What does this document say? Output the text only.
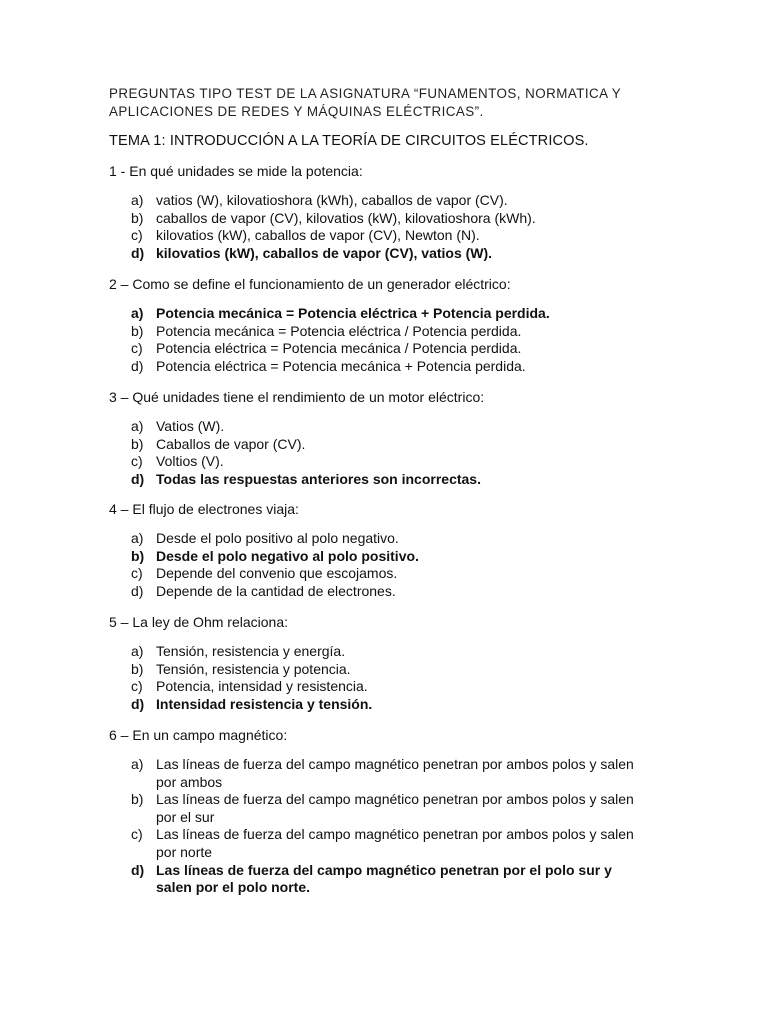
PREGUNTAS TIPO TEST DE LA ASIGNATURA “FUNAMENTOS, NORMATICA Y
APLICACIONES DE REDES Y MÁQUINAS ELÉCTRICAS”.
TEMA 1: INTRODUCCIÓN A LA TEORÍA DE CIRCUITOS ELÉCTRICOS.
1 - En qué unidades se mide la potencia:
a) vatios (W), kilovatioshora (kWh), caballos de vapor (CV).
b) caballos de vapor (CV), kilovatios (kW), kilovatioshora (kWh).
c) kilovatios (kW), caballos de vapor (CV), Newton (N).
d) kilovatios (kW), caballos de vapor (CV), vatios (W).
2 – Como se define el funcionamiento de un generador eléctrico:
a) Potencia mecánica = Potencia eléctrica + Potencia perdida.
b) Potencia mecánica = Potencia eléctrica / Potencia perdida.
c) Potencia eléctrica = Potencia mecánica / Potencia perdida.
d) Potencia eléctrica = Potencia mecánica + Potencia perdida.
3 – Qué unidades tiene el rendimiento de un motor eléctrico:
a) Vatios (W).
b) Caballos de vapor (CV).
c) Voltios (V).
d) Todas las respuestas anteriores son incorrectas.
4 – El flujo de electrones viaja:
a) Desde el polo positivo al polo negativo.
b) Desde el polo negativo al polo positivo.
c) Depende del convenio que escojamos.
d) Depende de la cantidad de electrones.
5 – La ley de Ohm relaciona:
a) Tensión, resistencia y energía.
b) Tensión, resistencia y potencia.
c) Potencia, intensidad y resistencia.
d) Intensidad resistencia y tensión.
6 – En un campo magnético:
a) Las líneas de fuerza del campo magnético penetran por ambos polos y salen por ambos
b) Las líneas de fuerza del campo magnético penetran por ambos polos y salen por el sur
c) Las líneas de fuerza del campo magnético penetran por ambos polos y salen por norte
d) Las líneas de fuerza del campo magnético penetran por el polo sur y salen por el polo norte.
